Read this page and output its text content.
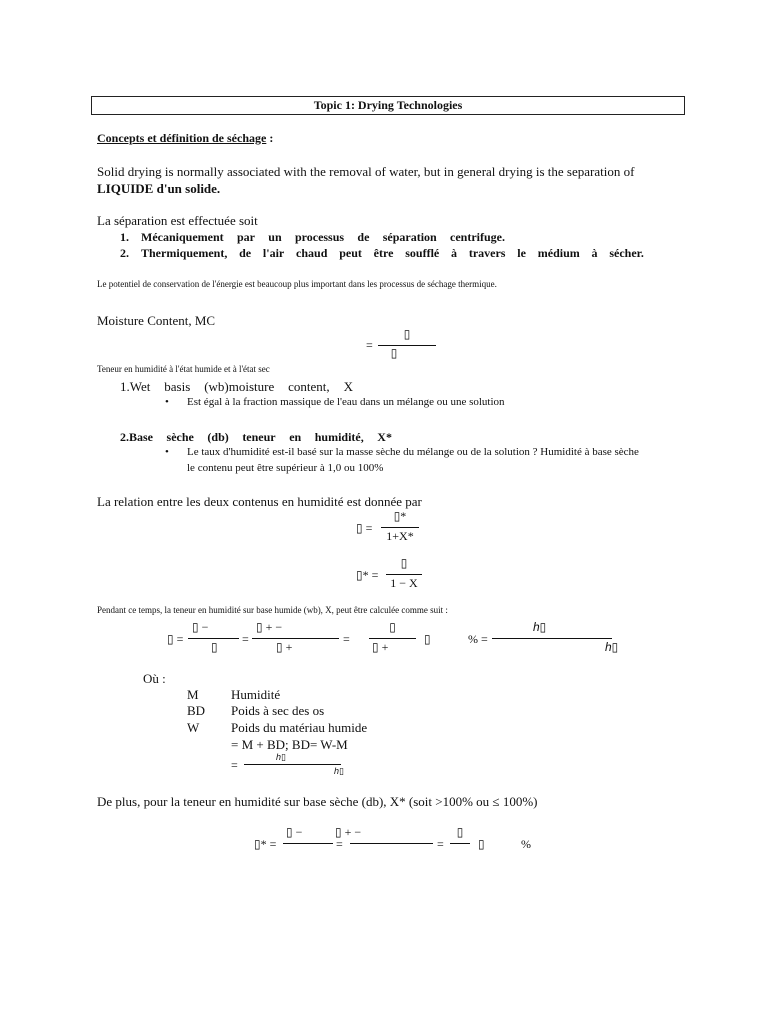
Topic 1: Drying Technologies
Concepts et définition de séchage :
Solid drying is normally associated with the removal of water, but in general drying is the separation of
LIQUIDE d'un solide.
La séparation est effectuée soit
1. Mécaniquement par un processus de séparation centrifuge.
2. Thermiquement, de l'air chaud peut être soufflé à travers le médium à sécher.
Le potentiel de conservation de l'énergie est beaucoup plus important dans les processus de séchage thermique.
Moisture Content, MC
=
▯
▯
Teneur en humidité à l'état humide et à l'état sec
1.Wet basis (wb)moisture content, X
• Est égal à la fraction massique de l'eau dans un mélange ou une solution
2.Base sèche (db) teneur en humidité, X*
• Le taux d'humidité est-il basé sur la masse sèche du mélange ou de la solution ? Humidité à base sèche
le contenu peut être supérieur à 1,0 ou 100%
La relation entre les deux contenus en humidité est donnée par
▯ =
▯*
1+X*
▯* =
▯
1 − X
Pendant ce temps, la teneur en humidité sur base humide (wb), X, peut être calculée comme suit :
▯ =
▯ −
▯
=
▯ + −
▯ +
=
▯
▯ +
▯	% =
h▯
h▯
Où :
M Humidité
BD Poids à sec des os
W Poids du matériau humide
= M + BD; BD= W-M
=
h▯
h▯
De plus, pour la teneur en humidité sur base sèche (db), X* (soit >100% ou ≤ 100%)
▯* =
▯ −
=
▯ + −
=
▯
▯	%
